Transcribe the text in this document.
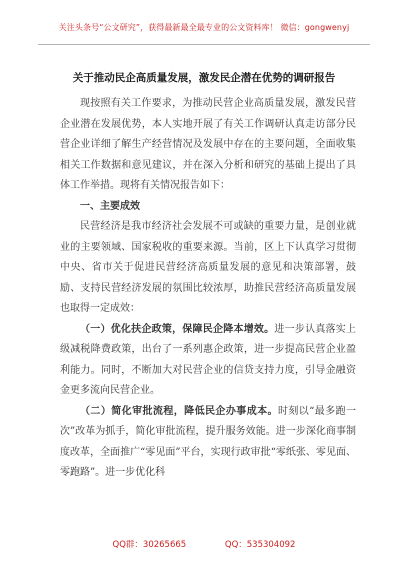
关注头条号“公文研究”，获得最新最全最专业的公文资料库！ 微信：gongwenyj
关于推动民企高质量发展，激发民企潜在优势的调研报告

现按照有关工作要求，为推动民营企业高质量发展，激发民营企业潜在发展优势，本人实地开展了有关工作调研认真走访部分民营企业详细了解生产经营情况及发展中存在的主要问题，全面收集相关工作数据和意见建议，并在深入分析和研究的基础上提出了具体工作举措。现将有关情况报告如下：

一、主要成效

民营经济是我市经济社会发展不可或缺的重要力量，是创业就业的主要领域、国家税收的重要来源。当前，区上下认真学习贯彻中央、省市关于促进民营经济高质量发展的意见和决策部署，鼓励、支持民营经济发展的氛围比较浓厚，助推民营经济高质量发展也取得一定成效：

（一）优化扶企政策，保障民企降本增效。进一步认真落实上级减税降费政策，出台了一系列惠企政策，进一步提高民营企业盈利能力。同时，不断加大对民营企业的信贷支持力度，引导金融资金更多流向民营企业。

（二）简化审批流程，降低民企办事成本。时刻以“最多跑一次”改革为抓手，简化审批流程，提升服务效能。进一步深化商事制度改革，全面推广“零见面”平台，实现行政审批“零纸张、零见面、零跑路”。进一步优化科

QQ群：30265665	QQ：535304092
